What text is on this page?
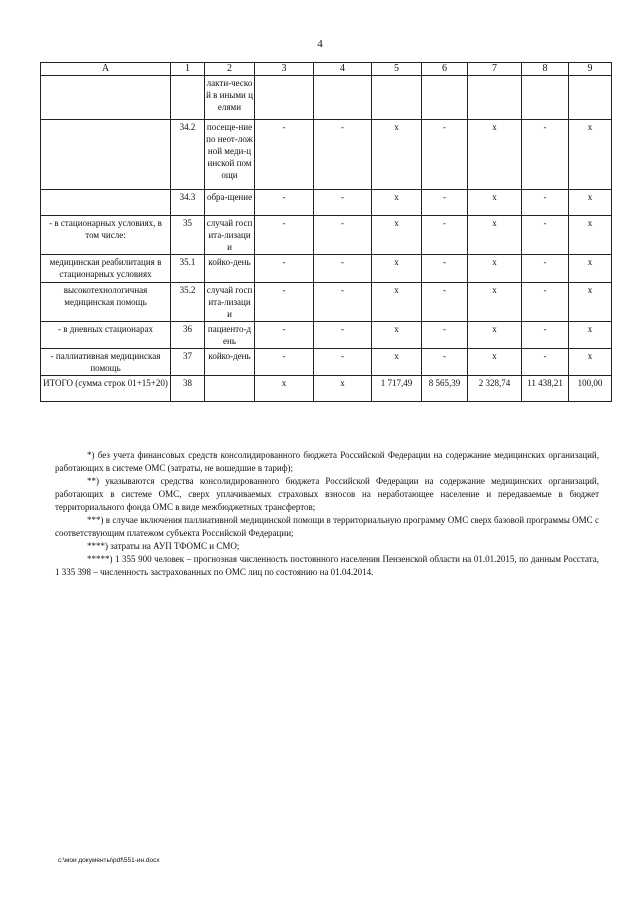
4
А	1	2	3	4	5	6	7	8	9
		лакти-ческой в иными целями							
	34.2	посеще-ние по неот-ложной меди-цинской помощи	-	-	х	-	х	-	х
	34.3	обра-щение	-	-	х	-	х	-	х
- в стационарных условиях, в том числе:	35	случай госпита-лизации	-	-	х	-	х	-	х
медицинская реабилитация в стационарных условиях	35.1	койко-день	-	-	х	-	х	-	х
высокотехнологичная медицинская помощь	35.2	случай госпита-лизации	-	-	х	-	х	-	х
- в дневных стационарах	36	пациенто-день	-	-	х	-	х	-	х
- паллиативная медицинская помощь	37	койко-день	-	-	х	-	х	-	х
ИТОГО (сумма строк 01+15+20)	38		х	х	1 717,49	8 565,39	2 328,74	11 438,21	100,00

*) без учета финансовых средств консолидированного бюджета Российской Федерации на содержание медицинских организаций, работающих в системе ОМС (затраты, не вошедшие в тариф);

**) указываются средства консолидированного бюджета Российской Федерации на содержание медицинских организаций, работающих в системе ОМС, сверх уплачиваемых страховых взносов на неработающее население и передаваемые в бюджет территориального фонда ОМС в виде межбюджетных трансфертов;

***) в случае включения паллиативной медицинской помощи в территориальную программу ОМС сверх базовой программы ОМС с соответствующим платежом субъекта Российской Федерации;

****) затраты на АУП ТФОМС и СМО;

*****) 1 355 900 человек – прогнозная численность постоянного населения Пензенской области на 01.01.2015, по данным Росстата, 1 335 398 – численность застрахованных по ОМС лиц по состоянию на 01.04.2014.

c:\мои документы\pdf\551-ин.docx
